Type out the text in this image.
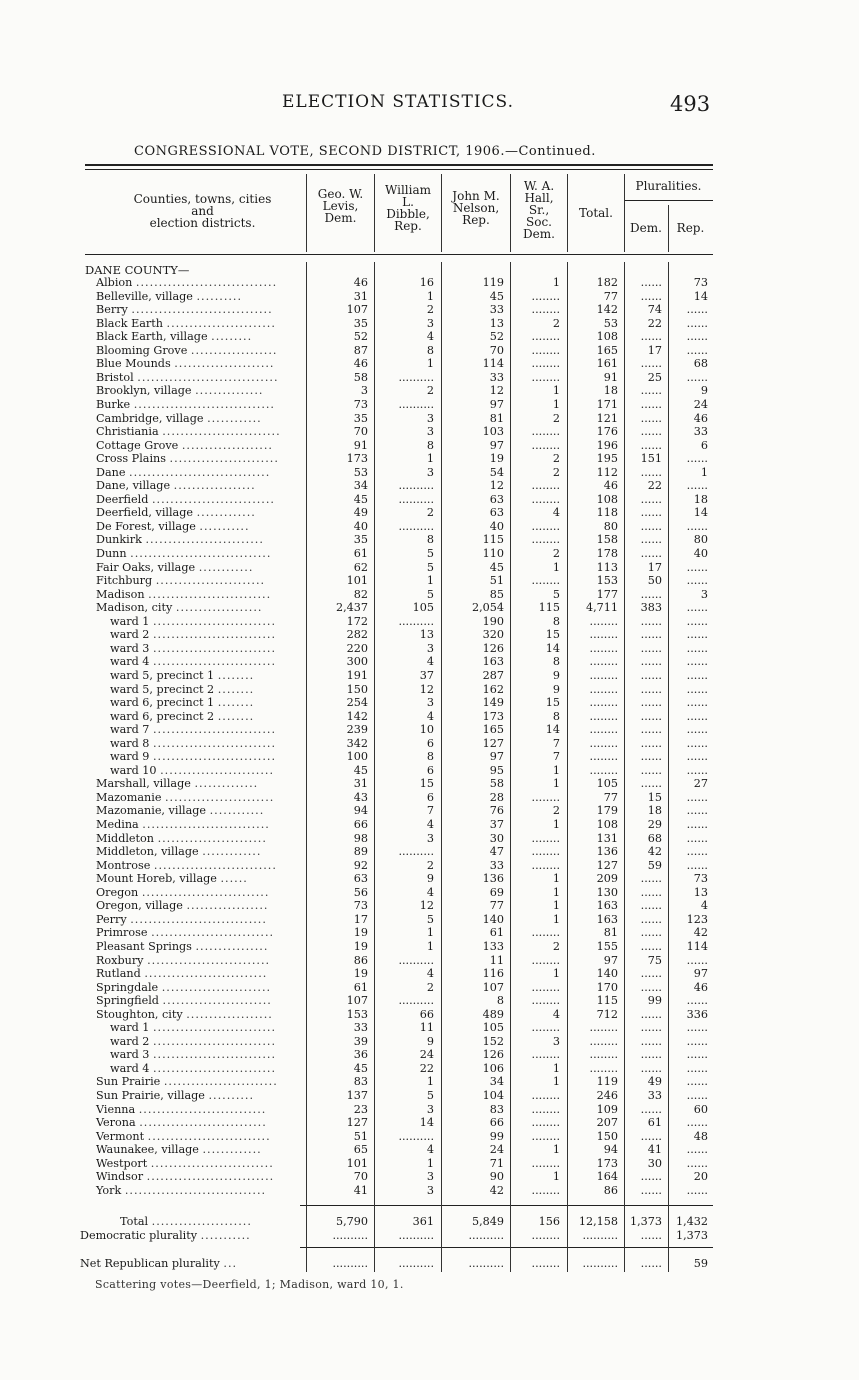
ELECTION STATISTICS.	493
CONGRESSIONAL VOTE, SECOND DISTRICT, 1906.—Continued.
Counties, towns, cities
and
election districts.
Geo. W.
Levis,
Dem.
William
L.
Dibble,
Rep.
John M.
Nelson,
Rep.
W. A.
Hall,
Sr.,
Soc.
Dem.
Total.
Pluralities.
Dem.	Rep.
DANE COUNTY—
Albion ...............................	46	16	119	1	182 ......	73
Belleville, village ..........	31	1	45 ........	77 ......	14
Berry ...............................	107	2	33 ........	142	74 ......
Black Earth ........................	35	3	13	2	53	22 ......
Black Earth, village .........	52	4	52 ........	108 ...... ......
Blooming Grove ...................	87	8	70 ........	165	17 ......
Blue Mounds ......................	46	1	114 ........	161 ......	68
Bristol ...............................	58	..........	33 ........	91	25 ......
Brooklyn, village ...............	3	2	12	1	18 ......	9
Burke ...............................	73	..........	97	1	171 ......	24
Cambridge, village ............	35	3	81	2	121 ......	46
Christiania ..........................	70	3	103 ........	176 ......	33
Cottage Grove ....................	91	8	97 ........	196 ......	6
Cross Plains ........................	173	1	19	2	195 151 ......
Dane ...............................	53	3	54	2	112 ......	1
Dane, village ..................	34	..........	12 ........	46	22 ......
Deerfield ...........................	45	..........	63 ........	108 ......	18
Deerfield, village .............	49	2	63	4	118 ......	14
De Forest, village ...........	40	..........	40 ........	80 ...... ......
Dunkirk ..........................	35	8	115 ........	158 ......	80
Dunn ...............................	61	5	110	2	178 ......	40
Fair Oaks, village ............	62	5	45	1	113	17 ......
Fitchburg ........................	101	1	51 ........	153	50 ......
Madison ...........................	82	5	85	5	177 ......	3
Madison, city ...................	2,437	105	2,054	115 4,711 383 ......
ward 1 ...........................	172	..........	190	8	........ ...... ......
ward 2 ...........................	282	13	320	15	........ ...... ......
ward 3 ...........................	220	3	126	14	........ ...... ......
ward 4 ...........................	300	4	163	8	........ ...... ......
ward 5, precinct 1 ........	191	37	287	9	........ ...... ......
ward 5, precinct 2 ........	150	12	162	9	........ ...... ......
ward 6, precinct 1 ........	254	3	149	15	........ ...... ......
ward 6, precinct 2 ........	142	4	173	8	........ ...... ......
ward 7 ...........................	239	10	165	14	........ ...... ......
ward 8 ...........................	342	6	127	7	........ ...... ......
ward 9 ...........................	100	8	97	7	........ ...... ......
ward 10 .........................	45	6	95	1	........ ...... ......
Marshall, village ..............	31	15	58	1	105 ......	27
Mazomanie ........................	43	6	28 ........	77	15 ......
Mazomanie, village ............	94	7	76	2	179	18 ......
Medina ............................	66	4	37	1	108	29 ......
Middleton ........................	98	3	30 ........	131	68 ......
Middleton, village .............	89	..........	47 ........	136	42 ......
Montrose ...........................	92	2	33 ........	127	59 ......
Mount Horeb, village ......	63	9	136	1	209 ......	73
Oregon ............................	56	4	69	1	130 ......	13
Oregon, village ..................	73	12	77	1	163 ......	4
Perry ..............................	17	5	140	1	163 ...... 123
Primrose ...........................	19	1	61 ........	81 ......	42
Pleasant Springs ................	19	1	133	2	155 ...... 114
Roxbury ...........................	86	..........	11 ........	97	75 ......
Rutland ...........................	19	4	116	1	140 ......	97
Springdale ........................	61	2	107 ........	170 ......	46
Springfield ........................	107	..........	8 ........	115	99 ......
Stoughton, city ...................	153	66	489	4	712 ...... 336
ward 1 ...........................	33	11	105 ........	........ ...... ......
ward 2 ...........................	39	9	152	3	........ ...... ......
ward 3 ...........................	36	24	126 ........	........ ...... ......
ward 4 ...........................	45	22	106	1	........ ...... ......
Sun Prairie .........................	83	1	34	1	119	49 ......
Sun Prairie, village ..........	137	5	104 ........	246	33 ......
Vienna ............................	23	3	83 ........	109 ......	60
Verona ............................	127	14	66 ........	207	61 ......
Vermont ...........................	51	..........	99 ........	150 ......	48
Waunakee, village .............	65	4	24	1	94	41 ......
Westport ...........................	101	1	71 ........	173	30 ......
Windsor ............................	70	3	90	1	164 ......	20
York ...............................	41	3	42 ........	86 ...... ......
Total ......................	5,790	361	5,849	156 12,158 1,373 1,432
Democratic plurality ...........	..........	..........	.......... ........ .......... ...... 1,373
Net Republican plurality ...	..........	..........	.......... ........ .......... ......	59
Scattering votes—Deerfield, 1; Madison, ward 10, 1.
